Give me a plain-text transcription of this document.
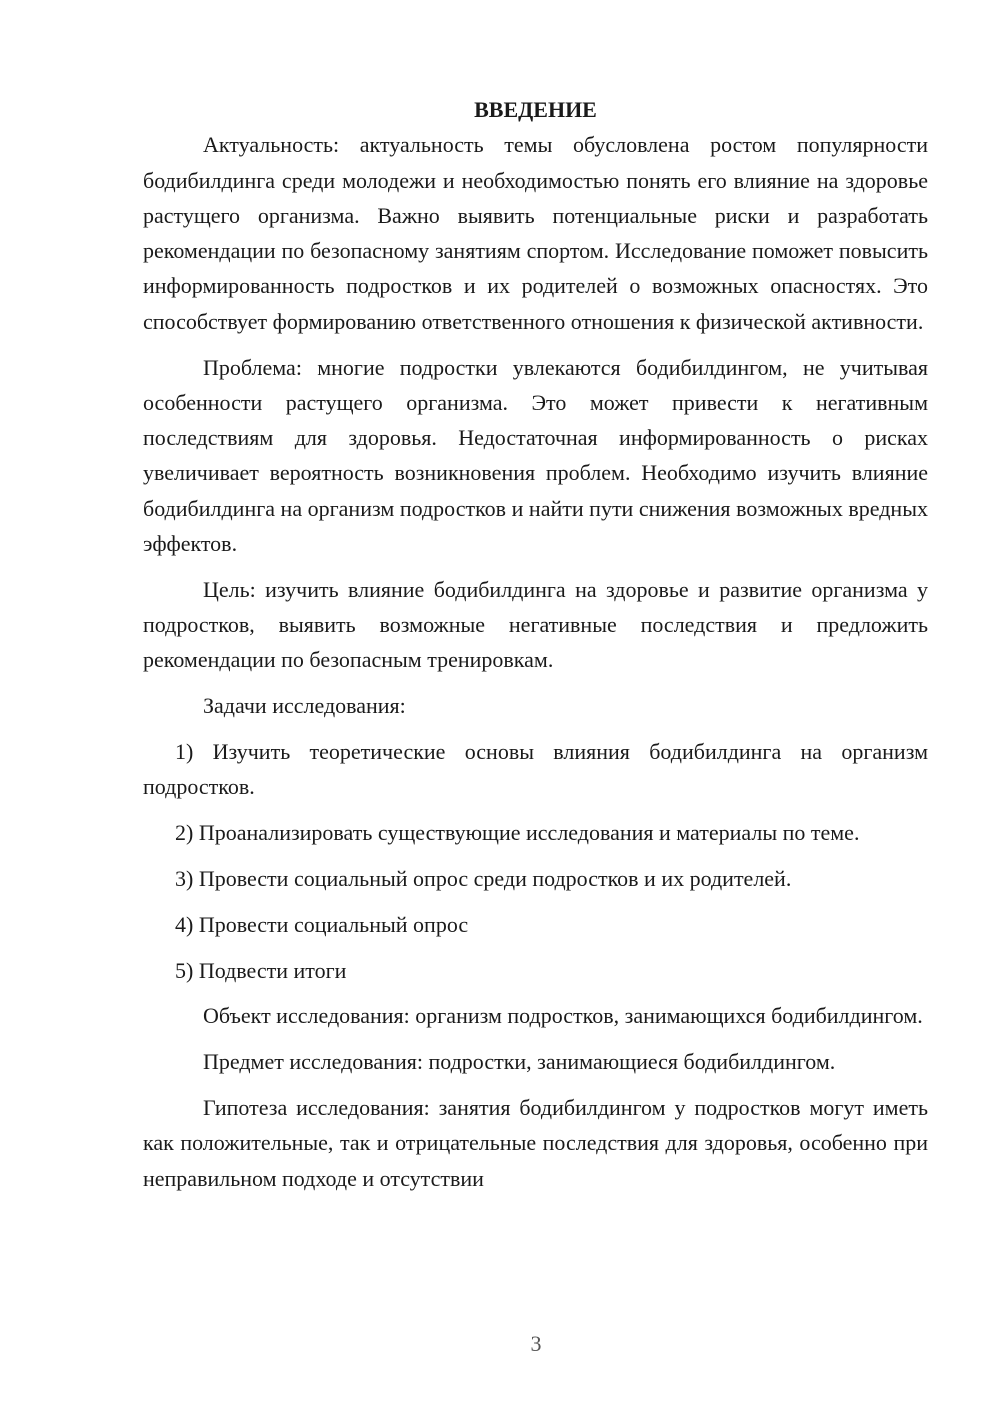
ВВЕДЕНИЕ

Актуальность: актуальность темы обусловлена ростом популярности бодибилдинга среди молодежи и необходимостью понять его влияние на здоровье растущего организма. Важно выявить потенциальные риски и разработать рекомендации по безопасному занятиям спортом. Исследование поможет повысить информированность подростков и их родителей о возможных опасностях. Это способствует формированию ответственного отношения к физической активности.

Проблема: многие подростки увлекаются бодибилдингом, не учитывая особенности растущего организма. Это может привести к негативным последствиям для здоровья. Недостаточная информированность о рисках увеличивает вероятность возникновения проблем. Необходимо изучить влияние бодибилдинга на организм подростков и найти пути снижения возможных вредных эффектов.

Цель: изучить влияние бодибилдинга на здоровье и развитие организма у подростков, выявить возможные негативные последствия и предложить рекомендации по безопасным тренировкам.

Задачи исследования:

1) Изучить теоретические основы влияния бодибилдинга на организм подростков.

2) Проанализировать существующие исследования и материалы по теме.

3) Провести социальный опрос среди подростков и их родителей.

4) Провести социальный опрос

5) Подвести итоги

Объект исследования: организм подростков, занимающихся бодибилдингом.

Предмет исследования: подростки, занимающиеся бодибилдингом.

Гипотеза исследования: занятия бодибилдингом у подростков могут иметь как положительные, так и отрицательные последствия для здоровья, особенно при неправильном подходе и отсутствии

3
